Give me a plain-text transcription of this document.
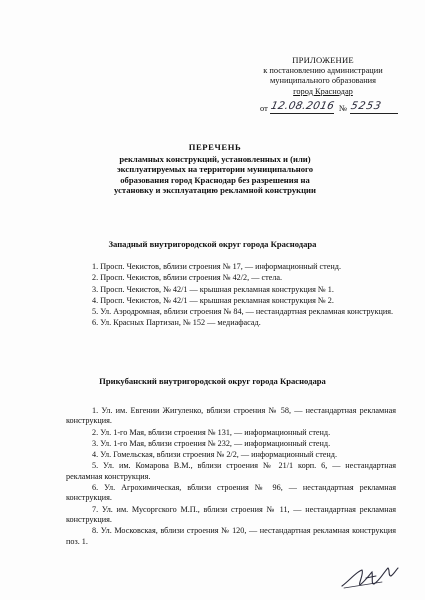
ПРИЛОЖЕНИЕ
к постановлению администрации
муниципального образования
город Краснодар
от 12.08.2016 № 5253
ПЕРЕЧЕНЬ
рекламных конструкций, установленных и (или)
эксплуатируемых на территории муниципального
образования город Краснодар без разрешения на
установку и эксплуатацию рекламной конструкции
Западный внутригородской округ города Краснодара
1. Просп. Чекистов, вблизи строения № 17, — информационный стенд.
2. Просп. Чекистов, вблизи строения № 42/2, — стела.
3. Просп. Чекистов, № 42/1 — крышная рекламная конструкция № 1.
4. Просп. Чекистов, № 42/1 — крышная рекламная конструкция № 2.
5. Ул. Аэродромная, вблизи строения № 84, — нестандартная рекламная конструкция.
6. Ул. Красных Партизан, № 152 — медиафасад.
Прикубанский внутригородской округ города Краснодара
1. Ул. им. Евгении Жигуленко, вблизи строения № 58, — нестандартная рекламная конструкция.
2. Ул. 1-го Мая, вблизи строения № 131, — информационный стенд.
3. Ул. 1-го Мая, вблизи строения № 232, — информационный стенд.
4. Ул. Гомельская, вблизи строения № 2/2, — информационный стенд.
5. Ул. им. Комарова В.М., вблизи строения № 21/1 корп. 6, — нестандартная рекламная конструкция.
6. Ул. Агрохимическая, вблизи строения № 96, — нестандартная рекламная конструкция.
7. Ул. им. Мусоргского М.П., вблизи строения № 11, — нестандартная рекламная конструкция.
8. Ул. Московская, вблизи строения № 120, — нестандартная рекламная конструкция поз. 1.
